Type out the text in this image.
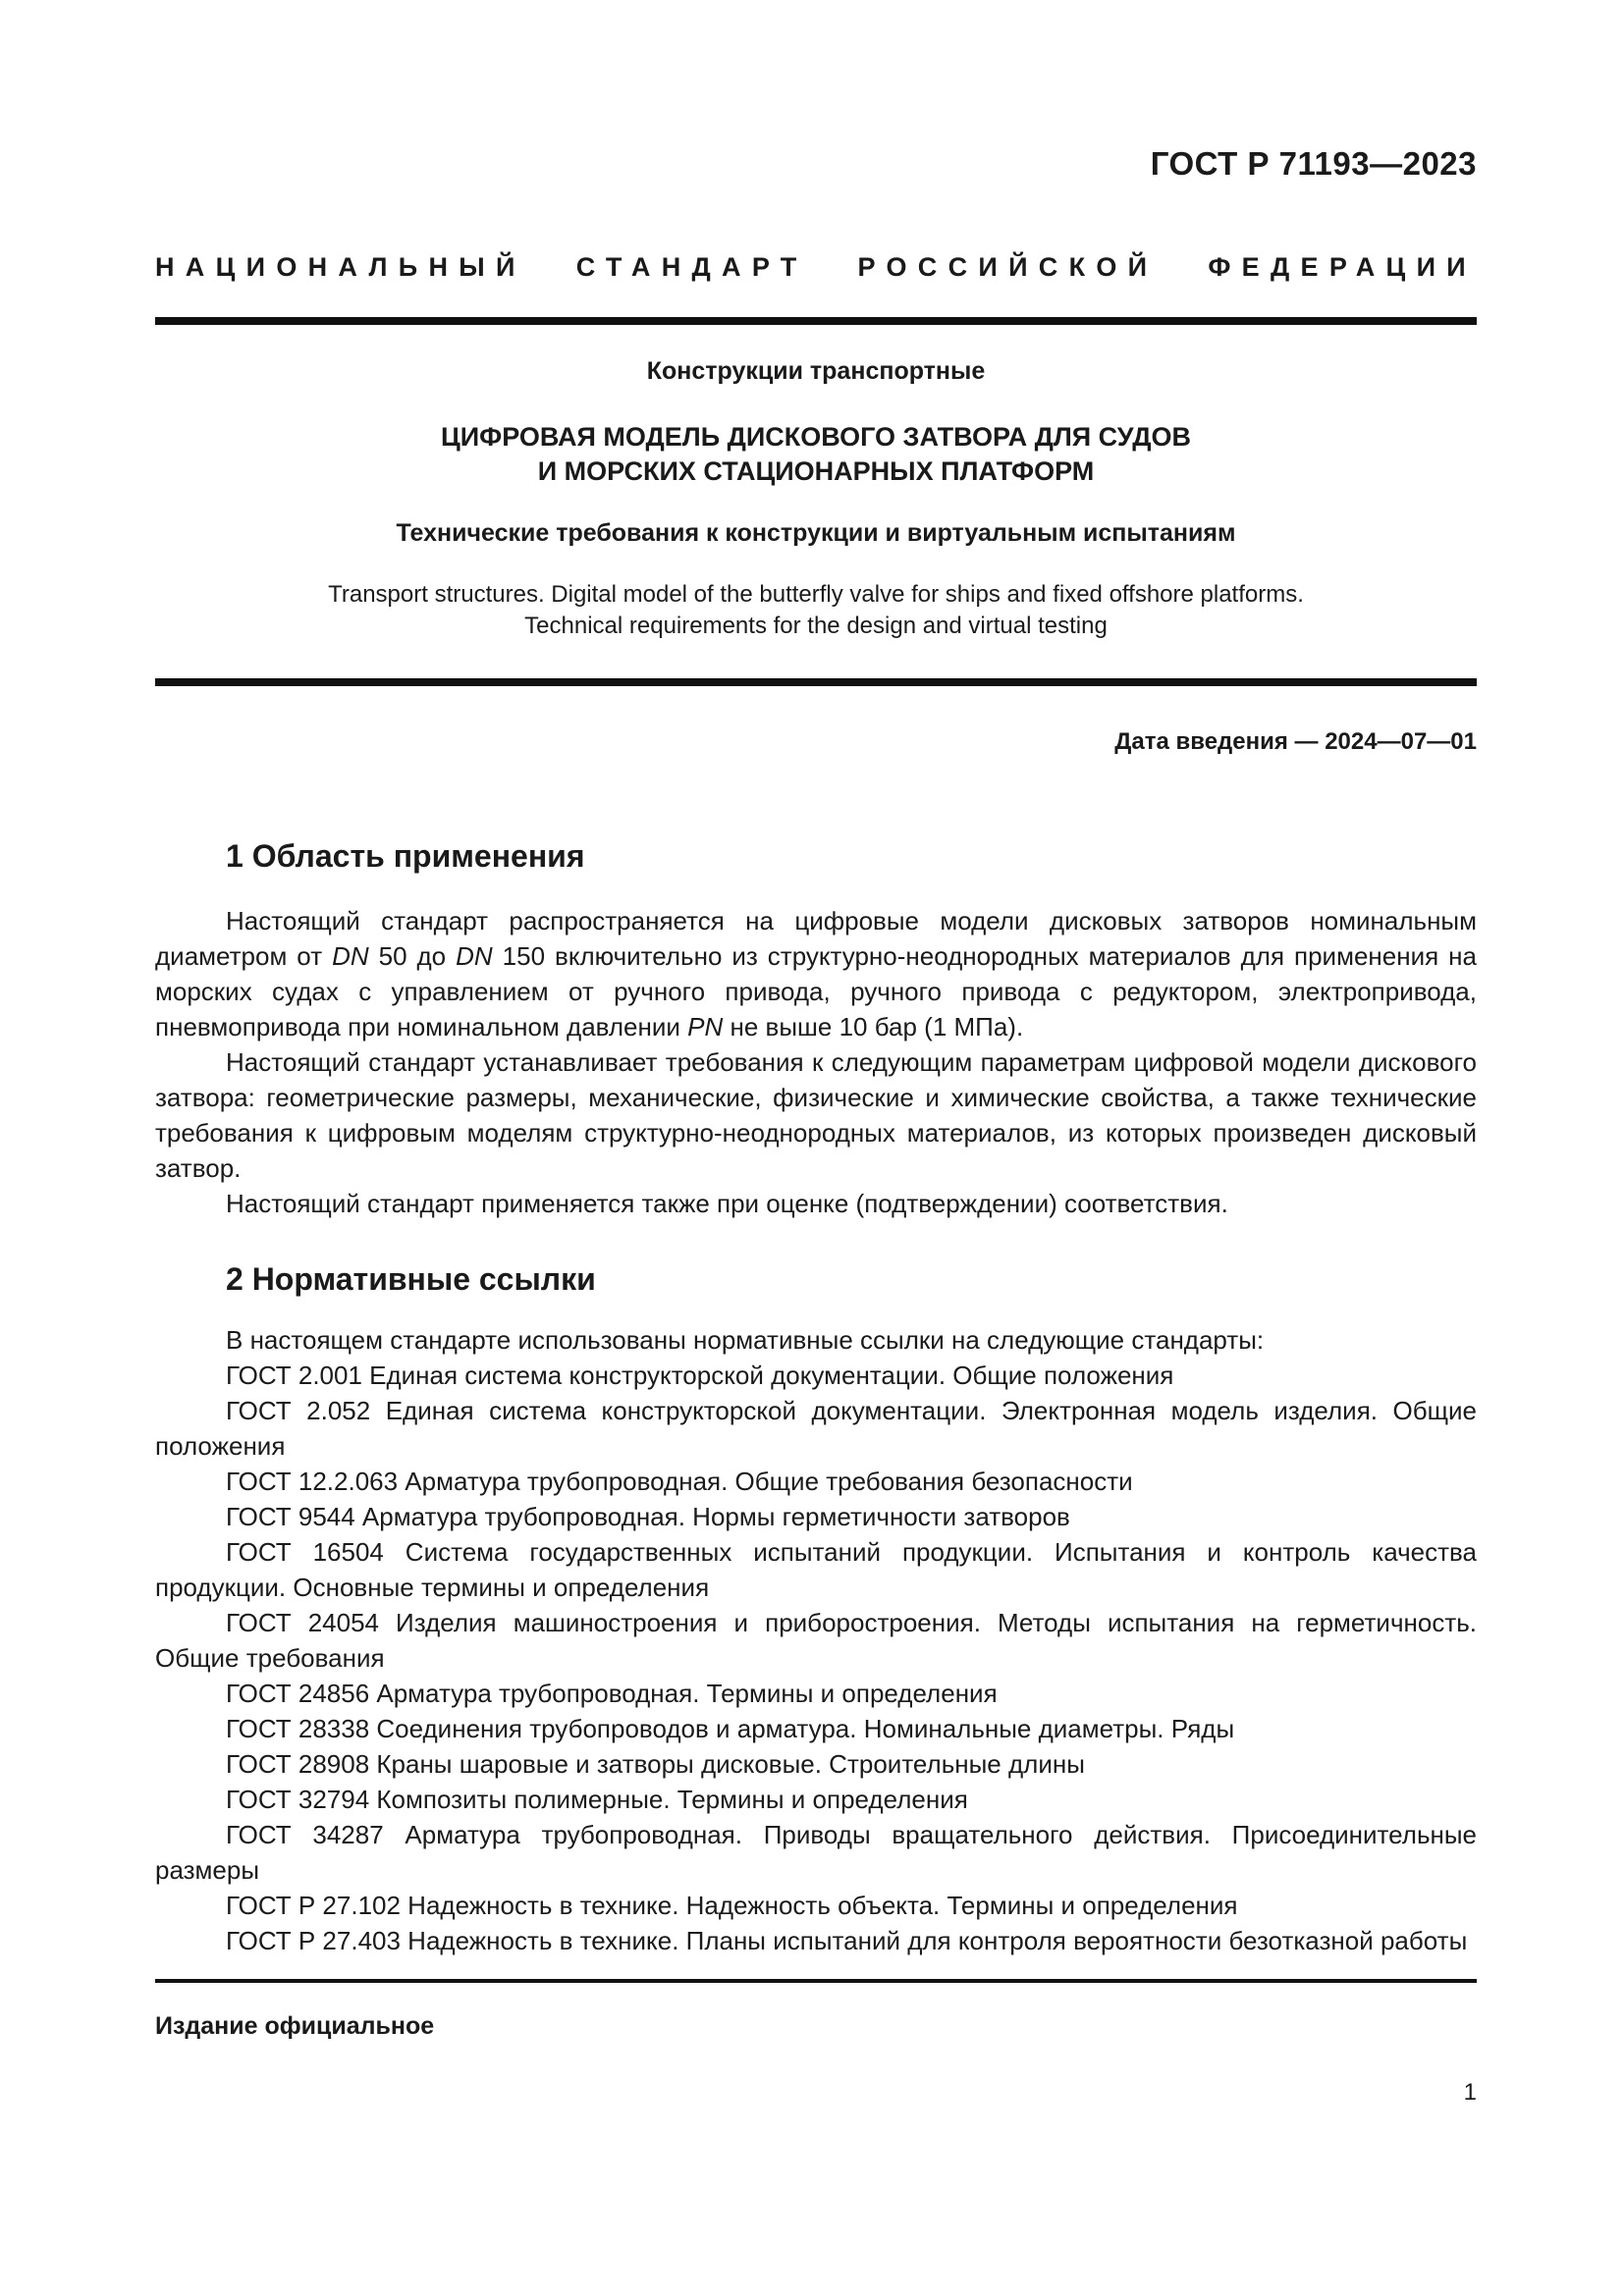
ГОСТ Р 71193—2023
НАЦИОНАЛЬНЫЙ СТАНДАРТ РОССИЙСКОЙ ФЕДЕРАЦИИ
Конструкции транспортные
ЦИФРОВАЯ МОДЕЛЬ ДИСКОВОГО ЗАТВОРА ДЛЯ СУДОВ
И МОРСКИХ СТАЦИОНАРНЫХ ПЛАТФОРМ
Технические требования к конструкции и виртуальным испытаниям
Transport structures. Digital model of the butterfly valve for ships and fixed offshore platforms.
Technical requirements for the design and virtual testing
Дата введения — 2024—07—01
1 Область применения

Настоящий стандарт распространяется на цифровые модели дисковых затворов номинальным диаметром от DN 50 до DN 150 включительно из структурно-неоднородных материалов для применения на морских судах с управлением от ручного привода, ручного привода с редуктором, электропривода, пневмопривода при номинальном давлении PN не выше 10 бар (1 МПа).

Настоящий стандарт устанавливает требования к следующим параметрам цифровой модели дискового затвора: геометрические размеры, механические, физические и химические свойства, а также технические требования к цифровым моделям структурно-неоднородных материалов, из которых произведен дисковый затвор.

Настоящий стандарт применяется также при оценке (подтверждении) соответствия.

2 Нормативные ссылки

В настоящем стандарте использованы нормативные ссылки на следующие стандарты:

ГОСТ 2.001 Единая система конструкторской документации. Общие положения

ГОСТ 2.052 Единая система конструкторской документации. Электронная модель изделия. Общие положения

ГОСТ 12.2.063 Арматура трубопроводная. Общие требования безопасности

ГОСТ 9544 Арматура трубопроводная. Нормы герметичности затворов

ГОСТ 16504 Система государственных испытаний продукции. Испытания и контроль качества продукции. Основные термины и определения

ГОСТ 24054 Изделия машиностроения и приборостроения. Методы испытания на герметичность. Общие требования

ГОСТ 24856 Арматура трубопроводная. Термины и определения

ГОСТ 28338 Соединения трубопроводов и арматура. Номинальные диаметры. Ряды

ГОСТ 28908 Краны шаровые и затворы дисковые. Строительные длины

ГОСТ 32794 Композиты полимерные. Термины и определения

ГОСТ 34287 Арматура трубопроводная. Приводы вращательного действия. Присоединительные размеры

ГОСТ Р 27.102 Надежность в технике. Надежность объекта. Термины и определения

ГОСТ Р 27.403 Надежность в технике. Планы испытаний для контроля вероятности безотказной работы

Издание официальное
1
